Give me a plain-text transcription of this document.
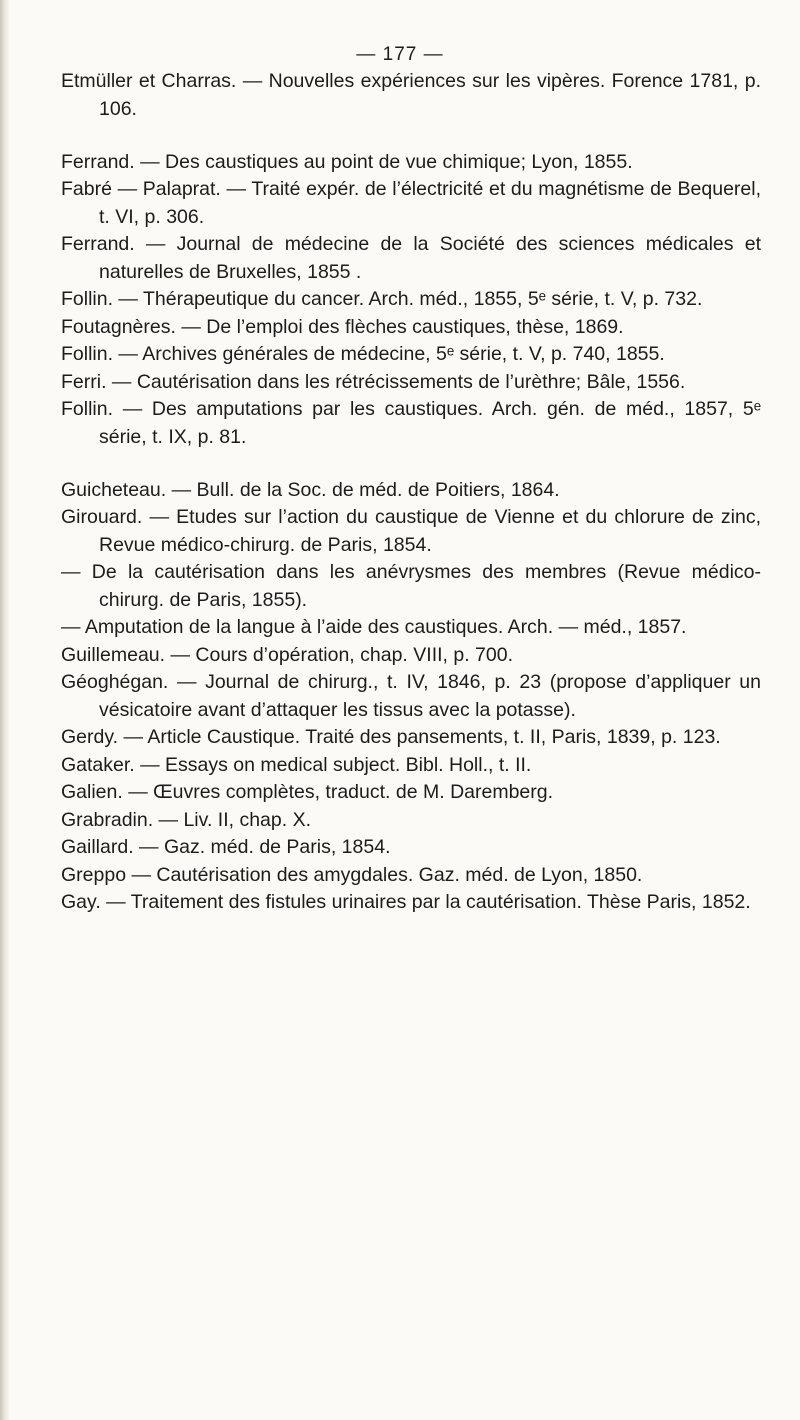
— 177 —
Etmüller et Charras. — Nouvelles expériences sur les vipères. Forence 1781, p. 106.
Ferrand. — Des caustiques au point de vue chimique; Lyon, 1855.
Fabré — Palaprat. — Traité expér. de l’électricité et du magnétisme de Bequerel, t. VI, p. 306.
Ferrand. — Journal de médecine de la Société des sciences médicales et naturelles de Bruxelles, 1855 .
Follin. — Thérapeutique du cancer. Arch. méd., 1855, 5ᵉ série, t. V, p. 732.
Foutagnères. — De l’emploi des flèches caustiques, thèse, 1869.
Follin. — Archives générales de médecine, 5ᵉ série, t. V, p. 740, 1855.
Ferri. — Cautérisation dans les rétrécissements de l’urèthre; Bâle, 1556.
Follin. — Des amputations par les caustiques. Arch. gén. de méd., 1857, 5ᵉ série, t. IX, p. 81.
Guicheteau. — Bull. de la Soc. de méd. de Poitiers, 1864.
Girouard. — Etudes sur l’action du caustique de Vienne et du chlorure de zinc, Revue médico-chirurg. de Paris, 1854.
— De la cautérisation dans les anévrysmes des membres (Revue médico-chirurg. de Paris, 1855).
— Amputation de la langue à l’aide des caustiques. Arch. — méd., 1857.
Guillemeau. — Cours d’opération, chap. VIII, p. 700.
Géoghégan. — Journal de chirurg., t. IV, 1846, p. 23 (propose d’appliquer un vésicatoire avant d’attaquer les tissus avec la potasse).
Gerdy. — Article Caustique. Traité des pansements, t. II, Paris, 1839, p. 123.
Gataker. — Essays on medical subject. Bibl. Holl., t. II.
Galien. — Œuvres complètes, traduct. de M. Daremberg.
Grabradin. — Liv. II, chap. X.
Gaillard. — Gaz. méd. de Paris, 1854.
Greppo — Cautérisation des amygdales. Gaz. méd. de Lyon, 1850.
Gay. — Traitement des fistules urinaires par la cautérisation. Thèse Paris, 1852.
